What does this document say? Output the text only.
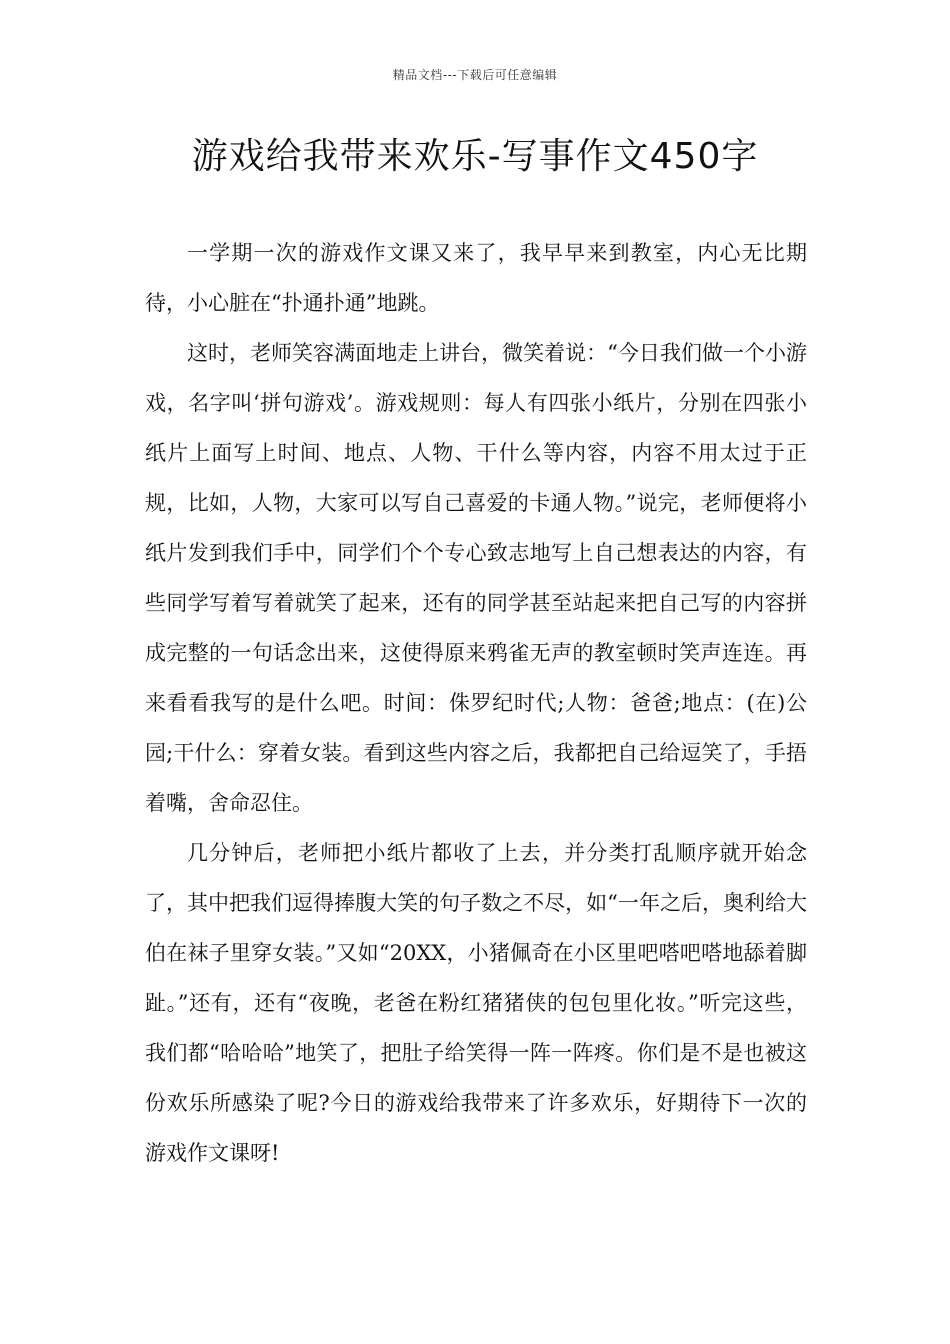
精品文档---下载后可任意编辑
游戏给我带来欢乐-写事作文450字

一学期一次的游戏作文课又来了，我早早来到教室，内心无比期待，小心脏在“扑通扑通”地跳。

这时，老师笑容满面地走上讲台，微笑着说：“今日我们做一个小游戏，名字叫‘拼句游戏’。游戏规则：每人有四张小纸片，分别在四张小纸片上面写上时间、地点、人物、干什么等内容，内容不用太过于正规，比如，人物，大家可以写自己喜爱的卡通人物。”说完，老师便将小纸片发到我们手中，同学们个个专心致志地写上自己想表达的内容，有些同学写着写着就笑了起来，还有的同学甚至站起来把自己写的内容拼成完整的一句话念出来，这使得原来鸦雀无声的教室顿时笑声连连。再来看看我写的是什么吧。时间：侏罗纪时代;人物：爸爸;地点：(在)公园;干什么：穿着女装。看到这些内容之后，我都把自己给逗笑了，手捂着嘴，舍命忍住。

几分钟后，老师把小纸片都收了上去，并分类打乱顺序就开始念了，其中把我们逗得捧腹大笑的句子数之不尽，如“一年之后，奥利给大伯在袜子里穿女装。”又如“20XX，小猪佩奇在小区里吧嗒吧嗒地舔着脚趾。”还有，还有“夜晚，老爸在粉红猪猪侠的包包里化妆。”听完这些，我们都“哈哈哈”地笑了，把肚子给笑得一阵一阵疼。你们是不是也被这份欢乐所感染了呢?今日的游戏给我带来了许多欢乐，好期待下一次的游戏作文课呀!
